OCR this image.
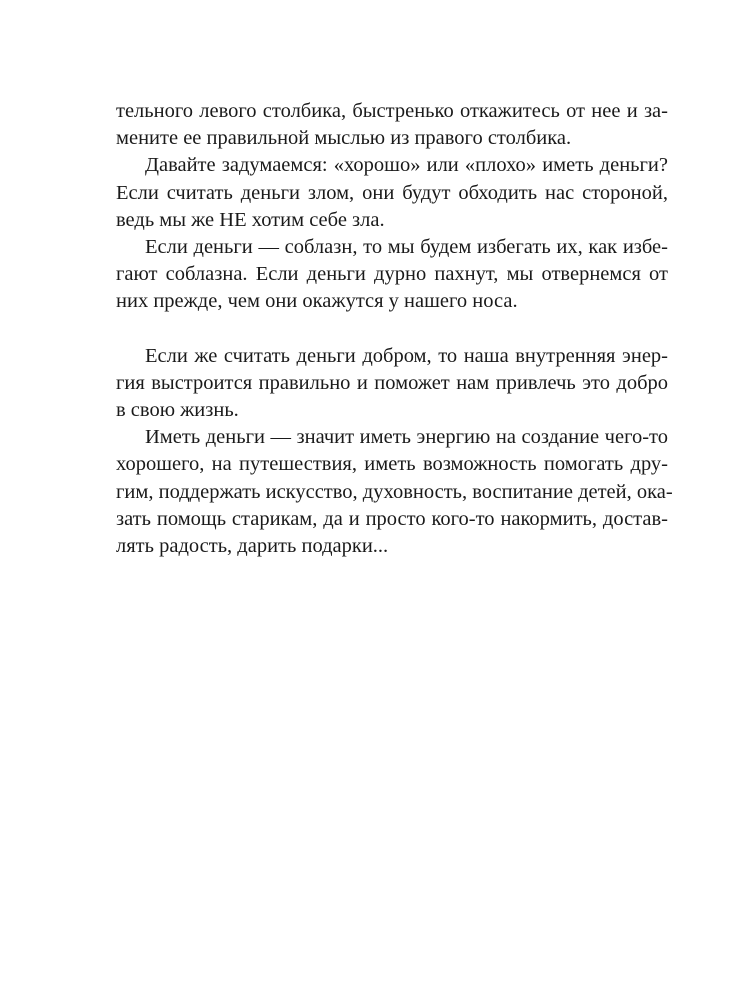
тельного левого столбика, быстренько откажитесь от нее и за-
мените ее правильной мыслью из правого столбика.
Давайте задумаемся: «хорошо» или «плохо» иметь деньги?
Если считать деньги злом, они будут обходить нас стороной,
ведь мы же НЕ хотим себе зла.
Если деньги — соблазн, то мы будем избегать их, как избе-
гают соблазна. Если деньги дурно пахнут, мы отвернемся от
них прежде, чем они окажутся у нашего носа.
Если же считать деньги добром, то наша внутренняя энер-
гия выстроится правильно и поможет нам привлечь это добро
в свою жизнь.
Иметь деньги — значит иметь энергию на создание чего-то
хорошего, на путешествия, иметь возможность помогать дру-
гим, поддержать искусство, духовность, воспитание детей, ока-
зать помощь старикам, да и просто кого-то накормить, достав-
лять радость, дарить подарки...
